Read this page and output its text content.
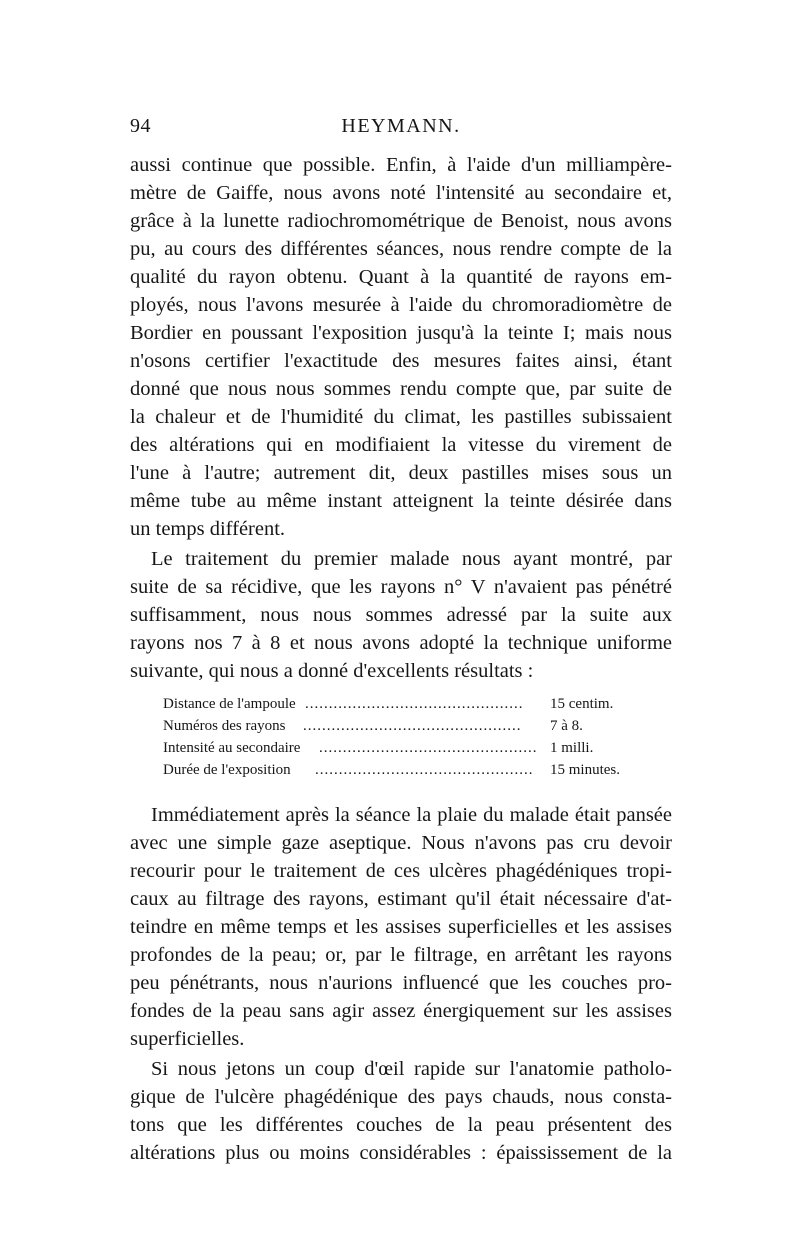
94	HEYMANN.
aussi continue que possible. Enfin, à l'aide d'un milliampère-
mètre de Gaiffe, nous avons noté l'intensité au secondaire et,
grâce à la lunette radiochromométrique de Benoist, nous avons
pu, au cours des différentes séances, nous rendre compte de la
qualité du rayon obtenu. Quant à la quantité de rayons em-
ployés, nous l'avons mesurée à l'aide du chromoradiomètre de
Bordier en poussant l'exposition jusqu'à la teinte I; mais nous
n'osons certifier l'exactitude des mesures faites ainsi, étant
donné que nous nous sommes rendu compte que, par suite de
la chaleur et de l'humidité du climat, les pastilles subissaient
des altérations qui en modifiaient la vitesse du virement de
l'une à l'autre; autrement dit, deux pastilles mises sous un
même tube au même instant atteignent la teinte désirée dans
un temps différent.
Le traitement du premier malade nous ayant montré, par
suite de sa récidive, que les rayons n° V n'avaient pas pénétré
suffisamment, nous nous sommes adressé par la suite aux
rayons nos 7 à 8 et nous avons adopté la technique uniforme
suivante, qui nous a donné d'excellents résultats :
Distance de l'ampoule ..............................................	15 centim.
Numéros des rayons ..............................................	7 à 8.
Intensité au secondaire .............................................. 1 milli.
Durée de l'exposition ..............................................	15 minutes.
Immédiatement après la séance la plaie du malade était pansée
avec une simple gaze aseptique. Nous n'avons pas cru devoir
recourir pour le traitement de ces ulcères phagédéniques tropi-
caux au filtrage des rayons, estimant qu'il était nécessaire d'at-
teindre en même temps et les assises superficielles et les assises
profondes de la peau; or, par le filtrage, en arrêtant les rayons
peu pénétrants, nous n'aurions influencé que les couches pro-
fondes de la peau sans agir assez énergiquement sur les assises
superficielles.
Si nous jetons un coup d'œil rapide sur l'anatomie patholo-
gique de l'ulcère phagédénique des pays chauds, nous consta-
tons que les différentes couches de la peau présentent des
altérations plus ou moins considérables : épaississement de la
